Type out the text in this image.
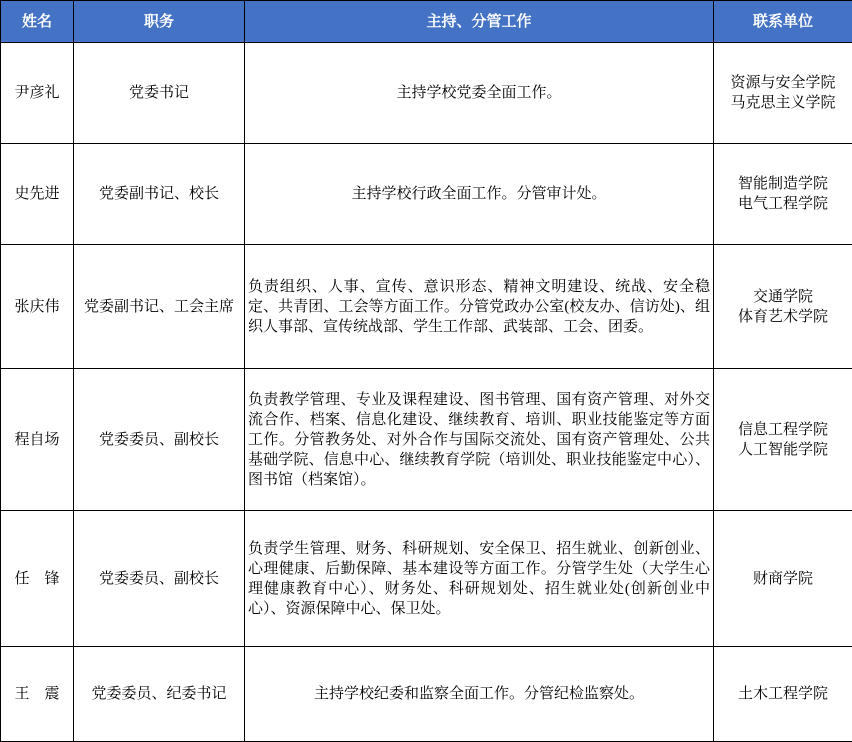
姓名	职务	主持、分管工作	联系单位
尹彦礼	党委书记	主持学校党委全面工作。	资源与安全学院
马克思主义学院

史先进	党委副书记、校长	主持学校行政全面工作。分管审计处。	智能制造学院
电气工程学院

张庆伟	党委副书记、工会主席	负责组织、人事、宣传、意识形态、精神文明建设、统战、安全稳定、共青团、工会等方面工作。分管党政办公室(校友办、信访处)、组织人事部、宣传统战部、学生工作部、武装部、工会、团委。	交通学院
体育艺术学院

程自场	党委委员、副校长	负责教学管理、专业及课程建设、图书管理、国有资产管理、对外交流合作、档案、信息化建设、继续教育、培训、职业技能鉴定等方面工作。分管教务处、对外合作与国际交流处、国有资产管理处、公共基础学院、信息中心、继续教育学院（培训处、职业技能鉴定中心）、图书馆（档案馆）。	信息工程学院
人工智能学院

任　锋	党委委员、副校长	负责学生管理、财务、科研规划、安全保卫、招生就业、创新创业、心理健康、后勤保障、基本建设等方面工作。分管学生处（大学生心理健康教育中心）、财务处、科研规划处、招生就业处(创新创业中心）、资源保障中心、保卫处。	财商学院

王　震	党委委员、纪委书记	主持学校纪委和监察全面工作。分管纪检监察处。	土木工程学院
